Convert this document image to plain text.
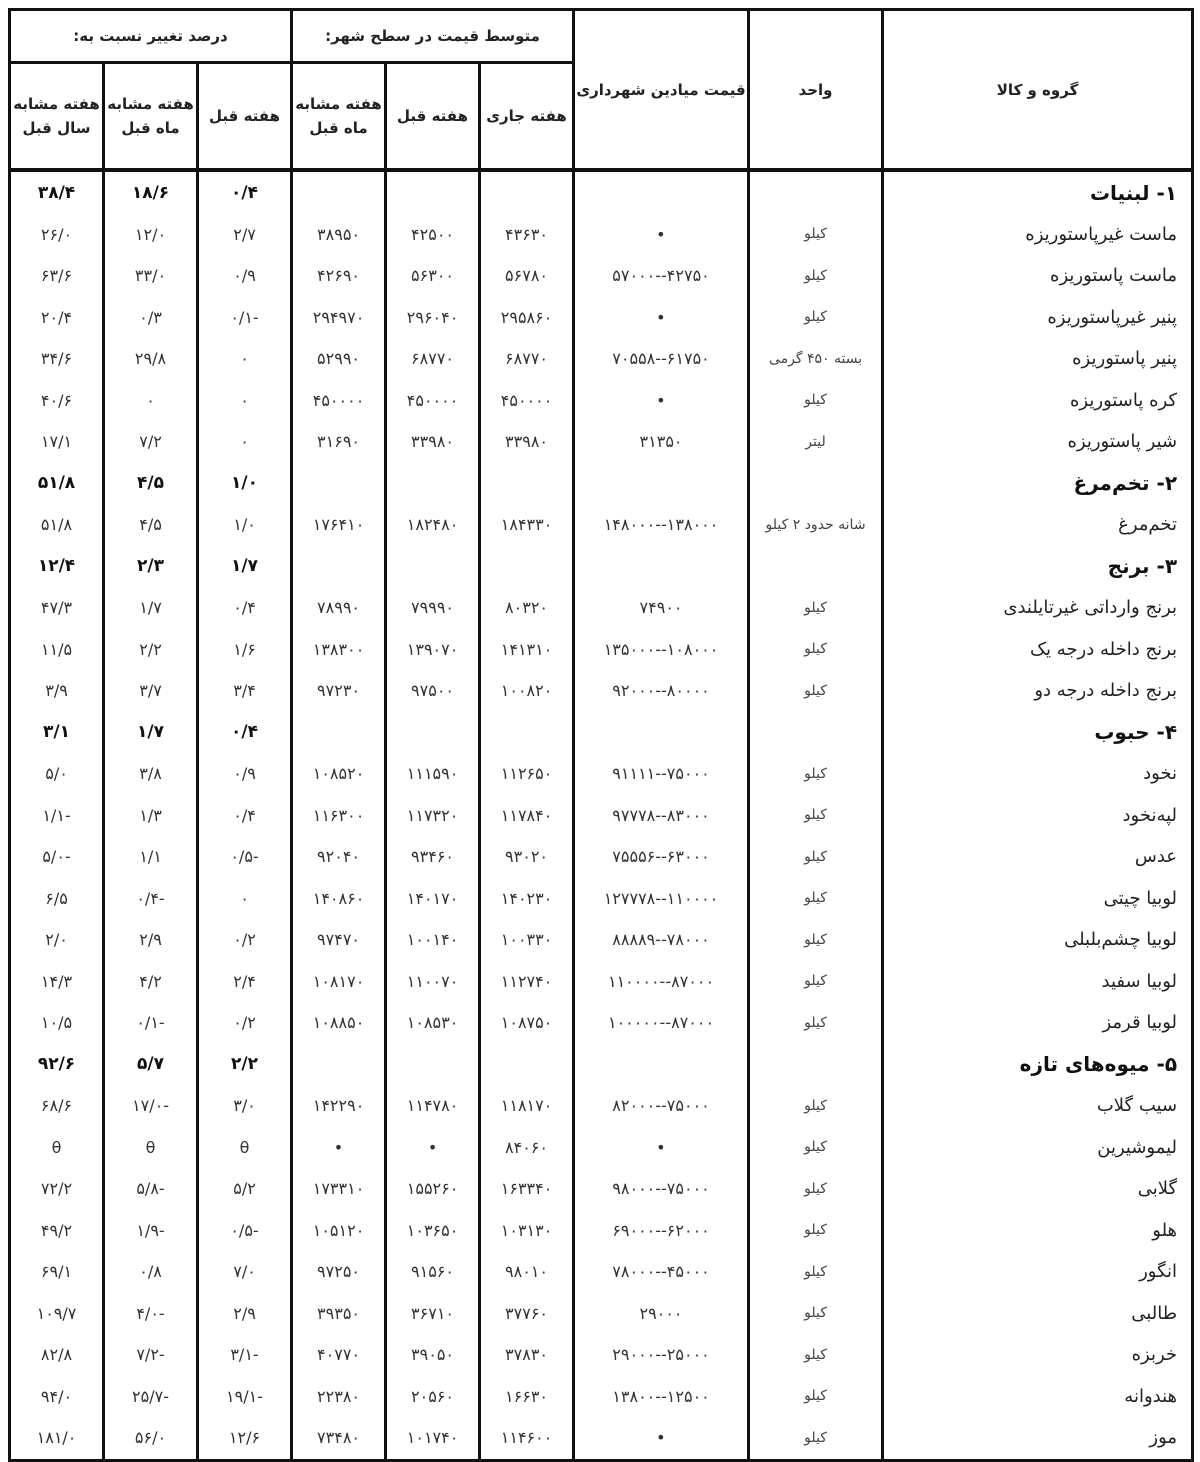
گروه و کالا	واحد	قیمت میادین شهرداری	متوسط قیمت در سطح شهر:			درصد تغییر نسبت به:		
			هفته جاری	هفته قبل	هفته مشابه ماه قبل	هفته قبل	هفته مشابه ماه قبل	هفته مشابه سال قبل
۱- لبنیات						۰/۴	۱۸/۶	۳۸/۴
ماست غیرپاستوریزه	کیلو	•	۴۳۶۳۰	۴۲۵۰۰	۳۸۹۵۰	۲/۷	۱۲/۰	۲۶/۰
ماست پاستوریزه	کیلو	۴۲۷۵۰--۵۷۰۰۰	۵۶۷۸۰	۵۶۳۰۰	۴۲۶۹۰	۰/۹	۳۳/۰	۶۳/۶
پنیر غیرپاستوریزه	کیلو	•	۲۹۵۸۶۰	۲۹۶۰۴۰	۲۹۴۹۷۰	-۰/۱	۰/۳	۲۰/۴
پنیر پاستوریزه	بسته ۴۵۰ گرمی	۶۱۷۵۰--۷۰۵۵۸	۶۸۷۷۰	۶۸۷۷۰	۵۲۹۹۰	۰	۲۹/۸	۳۴/۶
کره پاستوریزه	کیلو	•	۴۵۰۰۰۰	۴۵۰۰۰۰	۴۵۰۰۰۰	۰	۰	۴۰/۶
شیر پاستوریزه	لیتر	۳۱۳۵۰	۳۳۹۸۰	۳۳۹۸۰	۳۱۶۹۰	۰	۷/۲	۱۷/۱
۲- تخم‌مرغ						۱/۰	۴/۵	۵۱/۸
تخم‌مرغ	شانه حدود ۲ کیلو	۱۳۸۰۰۰--۱۴۸۰۰۰	۱۸۴۳۳۰	۱۸۲۴۸۰	۱۷۶۴۱۰	۱/۰	۴/۵	۵۱/۸
۳- برنج						۱/۷	۲/۳	۱۲/۴
برنج وارداتی غیرتایلندی	کیلو	۷۴۹۰۰	۸۰۳۲۰	۷۹۹۹۰	۷۸۹۹۰	۰/۴	۱/۷	۴۷/۳
برنج داخله درجه یک	کیلو	۱۰۸۰۰۰--۱۳۵۰۰۰	۱۴۱۳۱۰	۱۳۹۰۷۰	۱۳۸۳۰۰	۱/۶	۲/۲	۱۱/۵
برنج داخله درجه دو	کیلو	۸۰۰۰۰--۹۲۰۰۰	۱۰۰۸۲۰	۹۷۵۰۰	۹۷۲۳۰	۳/۴	۳/۷	۳/۹
۴- حبوب						۰/۴	۱/۷	۳/۱
نخود	کیلو	۷۵۰۰۰--۹۱۱۱۱	۱۱۲۶۵۰	۱۱۱۵۹۰	۱۰۸۵۲۰	۰/۹	۳/۸	۵/۰
لپه‌نخود	کیلو	۸۳۰۰۰--۹۷۷۷۸	۱۱۷۸۴۰	۱۱۷۳۲۰	۱۱۶۳۰۰	۰/۴	۱/۳	-۱/۱
عدس	کیلو	۶۳۰۰۰--۷۵۵۵۶	۹۳۰۲۰	۹۳۴۶۰	۹۲۰۴۰	-۰/۵	۱/۱	-۵/۰
لوبیا چیتی	کیلو	۱۱۰۰۰۰--۱۲۷۷۷۸	۱۴۰۲۳۰	۱۴۰۱۷۰	۱۴۰۸۶۰	۰	-۰/۴	۶/۵
لوبیا چشم‌بلبلی	کیلو	۷۸۰۰۰--۸۸۸۸۹	۱۰۰۳۳۰	۱۰۰۱۴۰	۹۷۴۷۰	۰/۲	۲/۹	۲/۰
لوبیا سفید	کیلو	۸۷۰۰۰--۱۱۰۰۰۰	۱۱۲۷۴۰	۱۱۰۰۷۰	۱۰۸۱۷۰	۲/۴	۴/۲	۱۴/۳
لوبیا قرمز	کیلو	۸۷۰۰۰--۱۰۰۰۰۰	۱۰۸۷۵۰	۱۰۸۵۳۰	۱۰۸۸۵۰	۰/۲	-۰/۱	۱۰/۵
۵- میوه‌های تازه						۲/۲	۵/۷	۹۲/۶
سیب گلاب	کیلو	۷۵۰۰۰--۸۲۰۰۰	۱۱۸۱۷۰	۱۱۴۷۸۰	۱۴۲۲۹۰	۳/۰	-۱۷/۰	۶۸/۶
لیموشیرین	کیلو	•	۸۴۰۶۰	•	•	θ	θ	θ
گلابی	کیلو	۷۵۰۰۰--۹۸۰۰۰	۱۶۳۳۴۰	۱۵۵۲۶۰	۱۷۳۳۱۰	۵/۲	-۵/۸	۷۲/۲
هلو	کیلو	۶۲۰۰۰--۶۹۰۰۰	۱۰۳۱۳۰	۱۰۳۶۵۰	۱۰۵۱۲۰	-۰/۵	-۱/۹	۴۹/۲
انگور	کیلو	۴۵۰۰۰--۷۸۰۰۰	۹۸۰۱۰	۹۱۵۶۰	۹۷۲۵۰	۷/۰	۰/۸	۶۹/۱
طالبی	کیلو	۲۹۰۰۰	۳۷۷۶۰	۳۶۷۱۰	۳۹۳۵۰	۲/۹	-۴/۰	۱۰۹/۷
خربزه	کیلو	۲۵۰۰۰--۲۹۰۰۰	۳۷۸۳۰	۳۹۰۵۰	۴۰۷۷۰	-۳/۱	-۷/۲	۸۲/۸
هندوانه	کیلو	۱۲۵۰۰--۱۳۸۰۰	۱۶۶۳۰	۲۰۵۶۰	۲۲۳۸۰	-۱۹/۱	-۲۵/۷	۹۴/۰
موز	کیلو	•	۱۱۴۶۰۰	۱۰۱۷۴۰	۷۳۴۸۰	۱۲/۶	۵۶/۰	۱۸۱/۰
